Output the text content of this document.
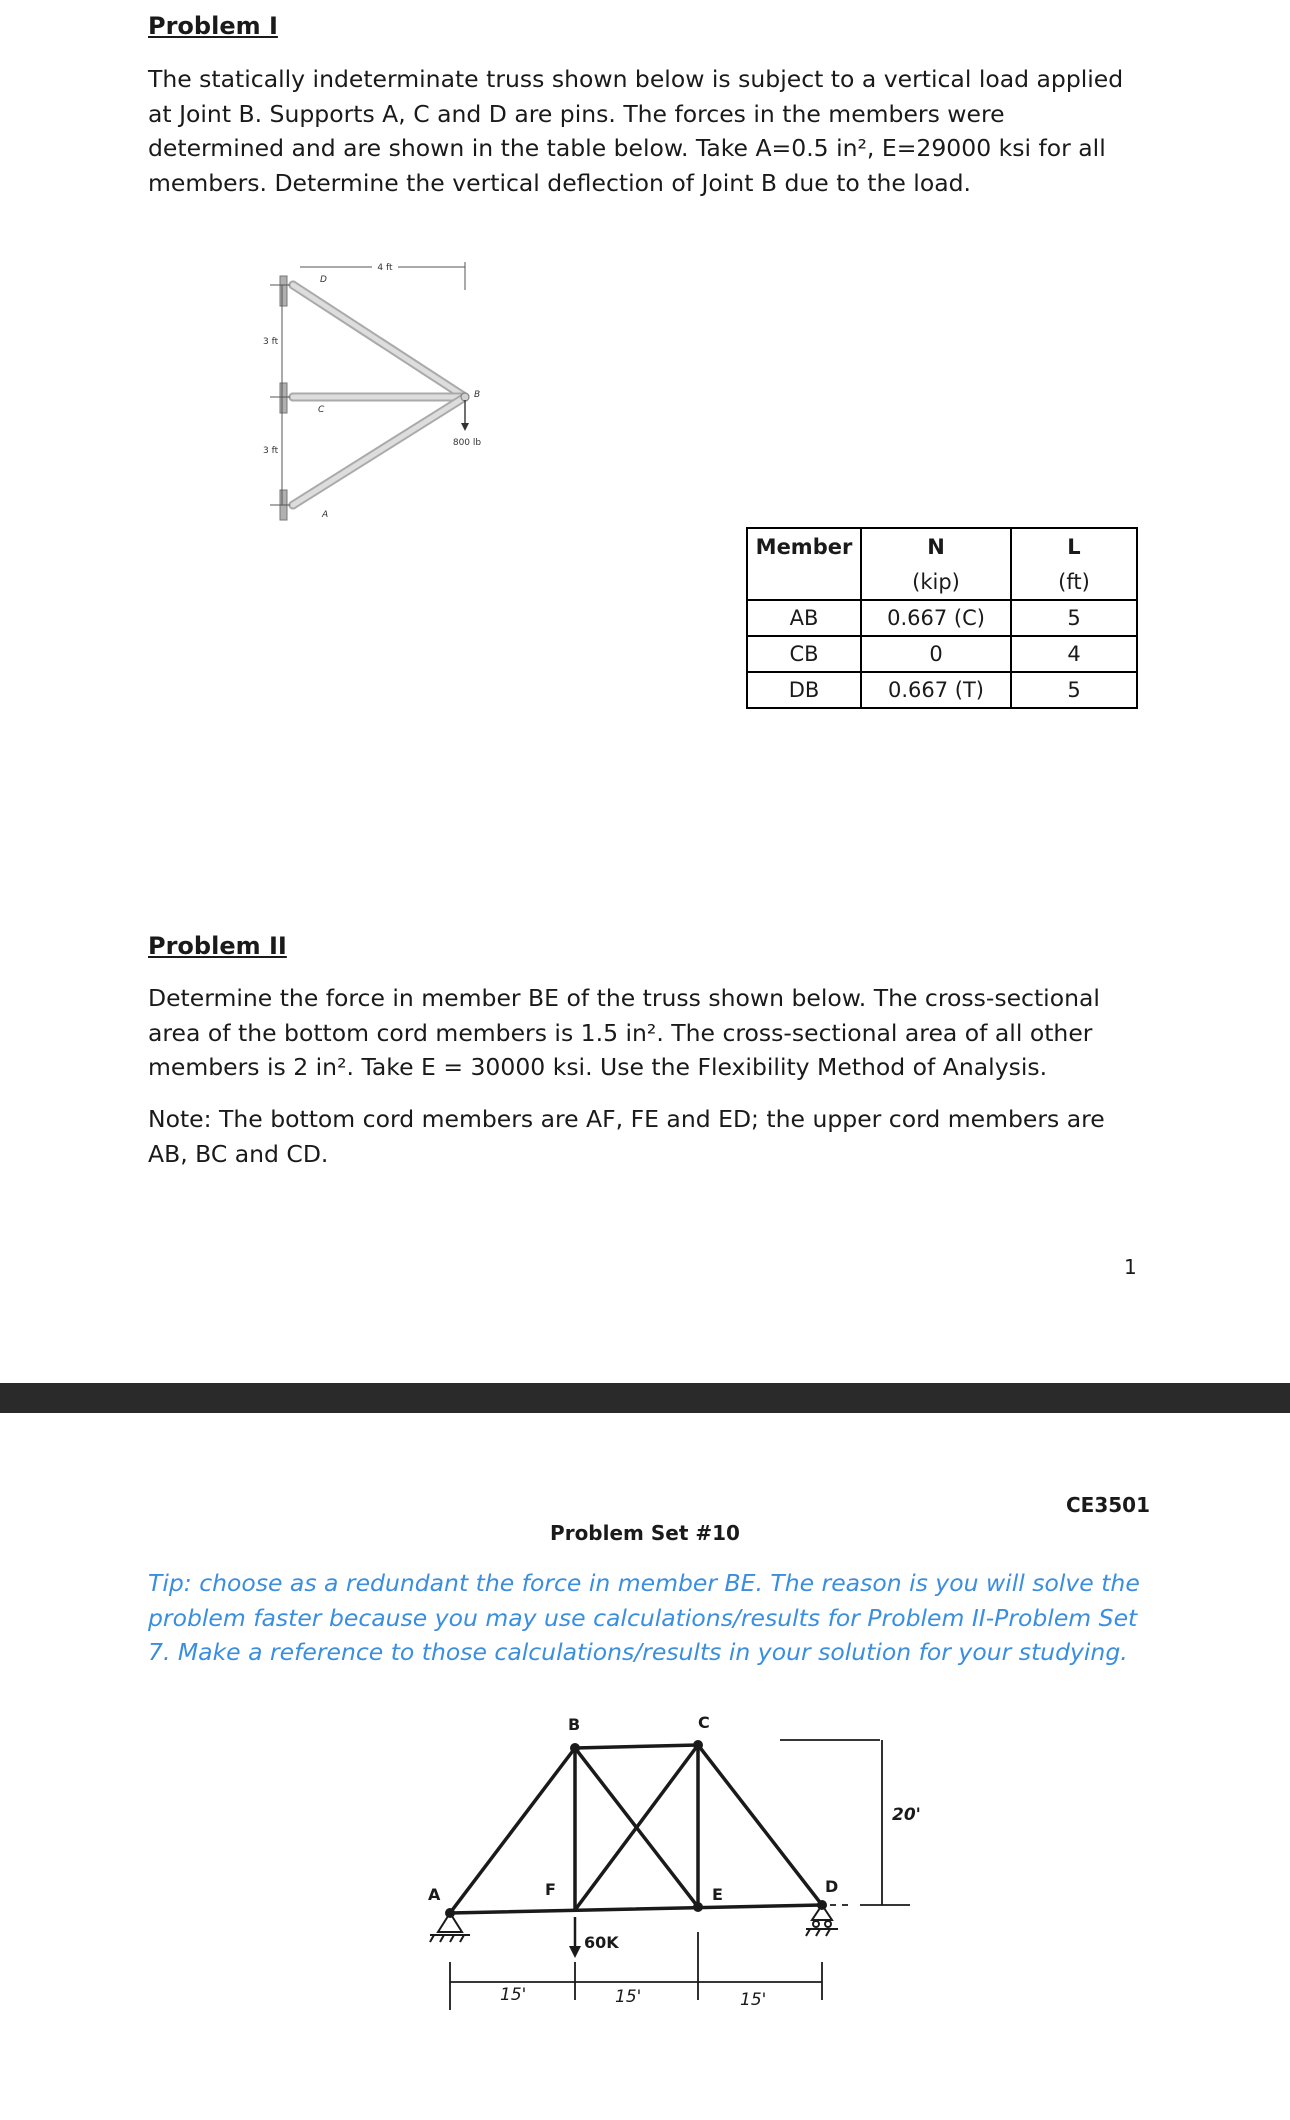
Problem I
The statically indeterminate truss shown below is subject to a vertical load applied at Joint B. Supports A, C and D are pins. The forces in the members were determined and are shown in the table below. Take A=0.5 in², E=29000 ksi for all members. Determine the vertical deflection of Joint B due to the load.
4 ft
3 ft
3 ft
D
C
B
A
800 lb
Member	N	L
	(kip)	(ft)
AB	0.667 (C)	5
CB	0	4
DB	0.667 (T)	5
Problem II
Determine the force in member BE of the truss shown below. The cross-sectional area of the bottom cord members is 1.5 in². The cross-sectional area of all other members is 2 in². Take E = 30000 ksi. Use the Flexibility Method of Analysis.
Note: The bottom cord members are AF, FE and ED; the upper cord members are AB, BC and CD.
1
CE3501
Problem Set #10
Tip: choose as a redundant the force in member BE. The reason is you will solve the problem faster because you may use calculations/results for Problem II-Problem Set 7. Make a reference to those calculations/results in your solution for your studying.
20'
60K
15'	15'	15'
A
B	C
D
E
F
